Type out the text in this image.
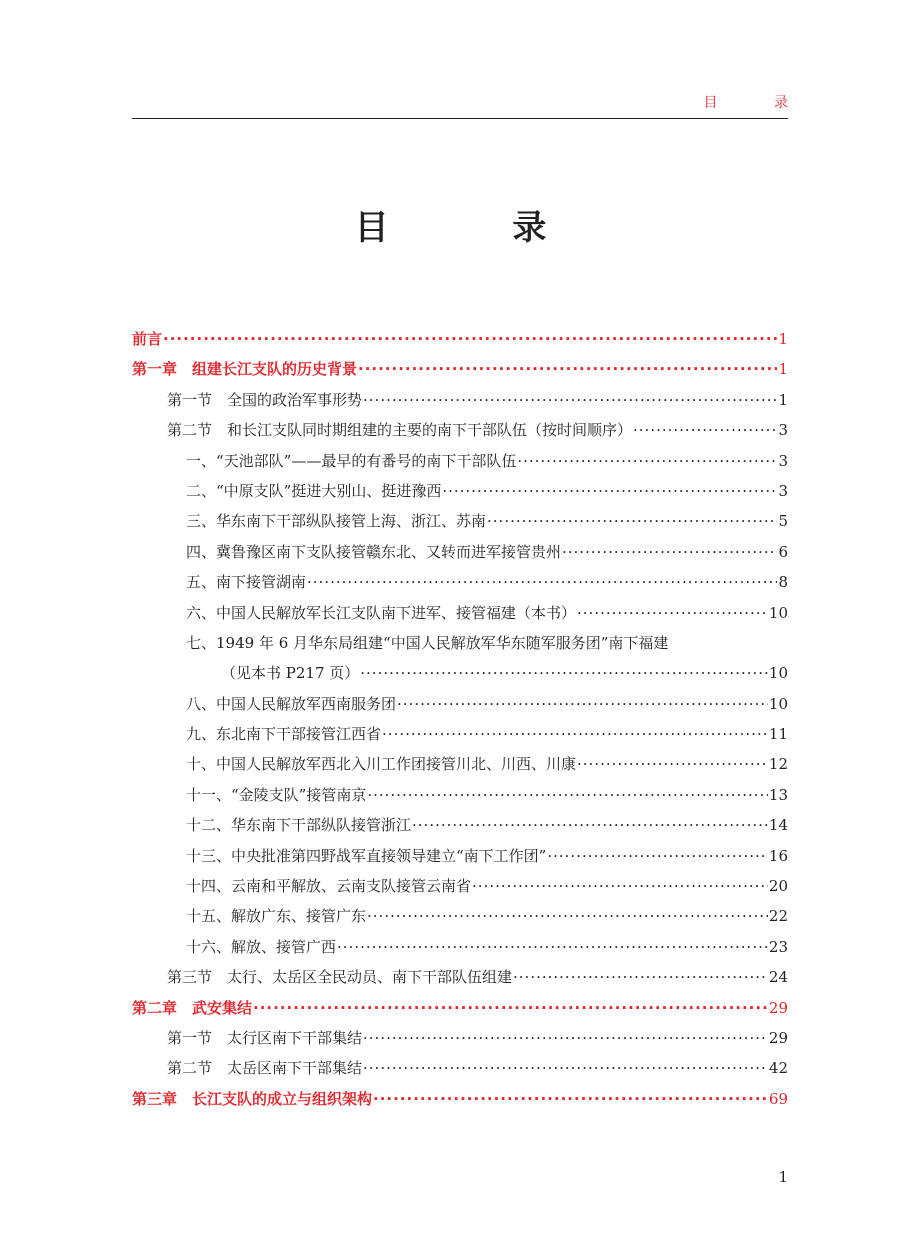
目 录
目 录
前言 ·····	1
第一章　组建长江支队的历史背景 ·····	1
第一节　全国的政治军事形势 ·····	1
第二节　和长江支队同时期组建的主要的南下干部队伍（按时间顺序） ·····	3
一、“天池部队”——最早的有番号的南下干部队伍 ·····	3
二、“中原支队”挺进大别山、挺进豫西 ·····	3
三、华东南下干部纵队接管上海、浙江、苏南 ·····	5
四、冀鲁豫区南下支队接管赣东北、又转而进军接管贵州 ·····	6
五、南下接管湖南 ·····	8
六、中国人民解放军长江支队南下进军、接管福建（本书） ·····	10
七、1949 年 6 月华东局组建“中国人民解放军华东随军服务团”南下福建
（见本书 P217 页） ·····	10
八、中国人民解放军西南服务团 ·····	10
九、东北南下干部接管江西省 ·····	11
十、中国人民解放军西北入川工作团接管川北、川西、川康 ·····	12
十一、“金陵支队”接管南京 ·····	13
十二、华东南下干部纵队接管浙江 ·····	14
十三、中央批准第四野战军直接领导建立“南下工作团” ·····	16
十四、云南和平解放、云南支队接管云南省 ·····	20
十五、解放广东、接管广东 ·····	22
十六、解放、接管广西 ·····	23
第三节　太行、太岳区全民动员、南下干部队伍组建 ·····	24
第二章　武安集结 ·····	29
第一节　太行区南下干部集结 ·····	29
第二节　太岳区南下干部集结 ·····	42
第三章　长江支队的成立与组织架构 ·····	69
1
